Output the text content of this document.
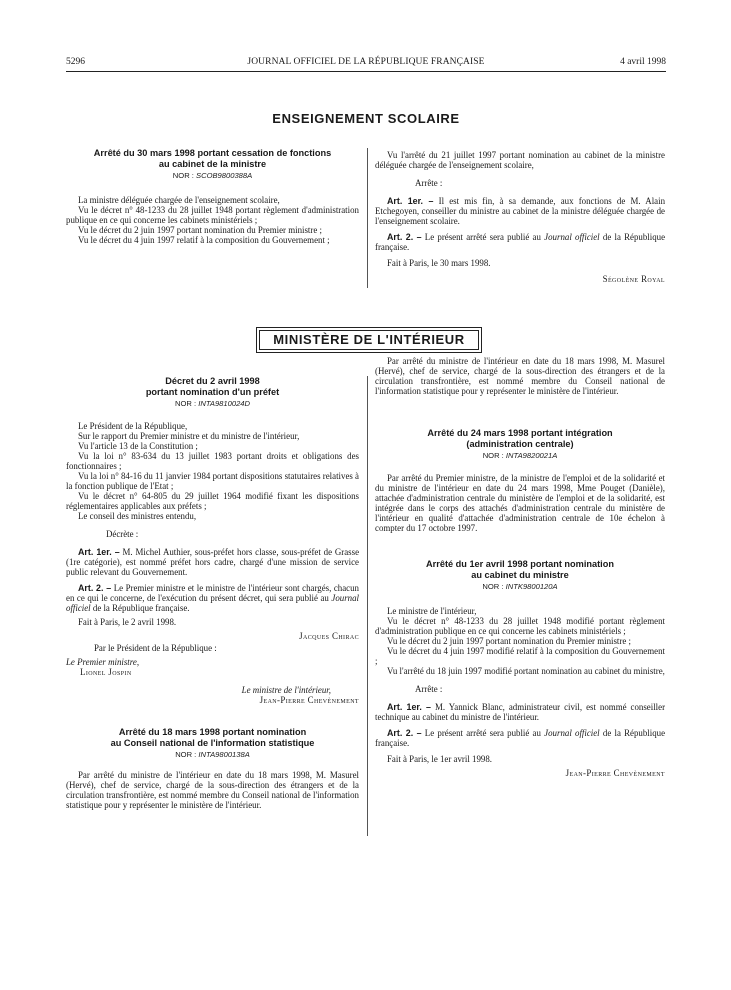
5296	JOURNAL OFFICIEL DE LA RÉPUBLIQUE FRANÇAISE	4 avril 1998
ENSEIGNEMENT SCOLAIRE
Arrêté du 30 mars 1998 portant cessation de fonctions
au cabinet de la ministre
NOR : SCOB9800388A

La ministre déléguée chargée de l'enseignement scolaire,

Vu le décret n° 48-1233 du 28 juillet 1948 portant règlement d'administration publique en ce qui concerne les cabinets ministériels ;

Vu le décret du 2 juin 1997 portant nomination du Premier ministre ;

Vu le décret du 4 juin 1997 relatif à la composition du Gouvernement ;

Vu l'arrêté du 21 juillet 1997 portant nomination au cabinet de la ministre déléguée chargée de l'enseignement scolaire,

Arrête :

Art. 1er. – Il est mis fin, à sa demande, aux fonctions de M. Alain Etchegoyen, conseiller du ministre au cabinet de la ministre déléguée chargée de l'enseignement scolaire.

Art. 2. – Le présent arrêté sera publié au Journal officiel de la République française.

Fait à Paris, le 30 mars 1998.

Ségolène Royal

MINISTÈRE DE L'INTÉRIEUR
Décret du 2 avril 1998
portant nomination d'un préfet
NOR : INTA9810024D

Le Président de la République,

Sur le rapport du Premier ministre et du ministre de l'intérieur,

Vu l'article 13 de la Constitution ;

Vu la loi n° 83-634 du 13 juillet 1983 portant droits et obligations des fonctionnaires ;

Vu la loi n° 84-16 du 11 janvier 1984 portant dispositions statutaires relatives à la fonction publique de l'Etat ;

Vu le décret n° 64-805 du 29 juillet 1964 modifié fixant les dispositions réglementaires applicables aux préfets ;

Le conseil des ministres entendu,

Décrète :

Art. 1er. – M. Michel Authier, sous-préfet hors classe, sous-préfet de Grasse (1re catégorie), est nommé préfet hors cadre, chargé d'une mission de service public relevant du Gouvernement.

Art. 2. – Le Premier ministre et le ministre de l'intérieur sont chargés, chacun en ce qui le concerne, de l'exécution du présent décret, qui sera publié au Journal officiel de la République française.

Fait à Paris, le 2 avril 1998.

Jacques Chirac

Par le Président de la République :

Le Premier ministre,

Lionel Jospin

Le ministre de l'intérieur,

Jean-Pierre Chevènement

Arrêté du 18 mars 1998 portant nomination
au Conseil national de l'information statistique
NOR : INTA9800138A
Par arrêté du ministre de l'intérieur en date du 18 mars 1998, M. Masurel (Hervé), chef de service, chargé de la sous-direction des étrangers et de la circulation transfrontière, est nommé membre du Conseil national de l'information statistique pour y représenter le ministère de l'intérieur.
Par arrêté du ministre de l'intérieur en date du 18 mars 1998, M. Masurel (Hervé), chef de service, chargé de la sous-direction des étrangers et de la circulation transfrontière, est nommé membre du Conseil national de l'information statistique pour y représenter le ministère de l'intérieur.
Arrêté du 24 mars 1998 portant intégration
(administration centrale)
NOR : INTA9820021A

Par arrêté du Premier ministre, de la ministre de l'emploi et de la solidarité et du ministre de l'intérieur en date du 24 mars 1998, Mme Pouget (Danièle), attachée d'administration centrale du ministère de l'emploi et de la solidarité, est intégrée dans le corps des attachés d'administration centrale du ministère de l'intérieur en qualité d'attachée d'administration centrale de 10e échelon à compter du 17 octobre 1997.

Arrêté du 1er avril 1998 portant nomination
au cabinet du ministre
NOR : INTK9800120A

Le ministre de l'intérieur,

Vu le décret n° 48-1233 du 28 juillet 1948 modifié portant règlement d'administration publique en ce qui concerne les cabinets ministériels ;

Vu le décret du 2 juin 1997 portant nomination du Premier ministre ;

Vu le décret du 4 juin 1997 modifié relatif à la composition du Gouvernement ;

Vu l'arrêté du 18 juin 1997 modifié portant nomination au cabinet du ministre,

Arrête :

Art. 1er. – M. Yannick Blanc, administrateur civil, est nommé conseiller technique au cabinet du ministre de l'intérieur.

Art. 2. – Le présent arrêté sera publié au Journal officiel de la République française.

Fait à Paris, le 1er avril 1998.

Jean-Pierre Chevènement
